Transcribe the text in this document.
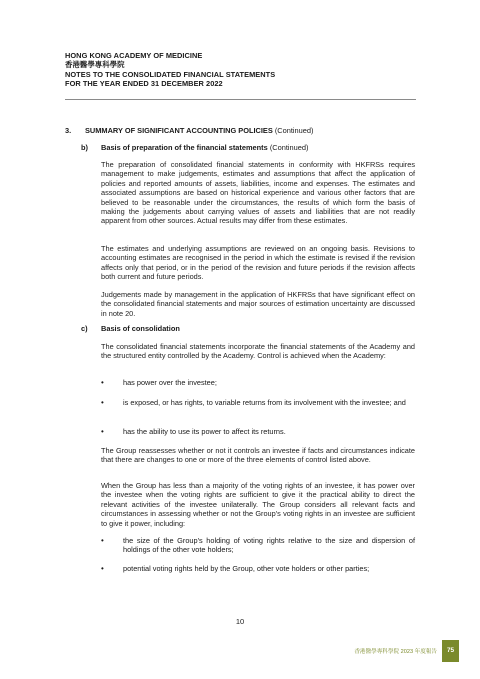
HONG KONG ACADEMY OF MEDICINE
香港醫學專科學院
NOTES TO THE CONSOLIDATED FINANCIAL STATEMENTS
FOR THE YEAR ENDED 31 DECEMBER 2022
3. SUMMARY OF SIGNIFICANT ACCOUNTING POLICIES (Continued)
b) Basis of preparation of the financial statements (Continued)

The preparation of consolidated financial statements in conformity with HKFRSs requires management to make judgements, estimates and assumptions that affect the application of policies and reported amounts of assets, liabilities, income and expenses. The estimates and associated assumptions are based on historical experience and various other factors that are believed to be reasonable under the circumstances, the results of which form the basis of making the judgements about carrying values of assets and liabilities that are not readily apparent from other sources. Actual results may differ from these estimates.

The estimates and underlying assumptions are reviewed on an ongoing basis. Revisions to accounting estimates are recognised in the period in which the estimate is revised if the revision affects only that period, or in the period of the revision and future periods if the revision affects both current and future periods.

Judgements made by management in the application of HKFRSs that have significant effect on the consolidated financial statements and major sources of estimation uncertainty are discussed in note 20.

c) Basis of consolidation

The consolidated financial statements incorporate the financial statements of the Academy and the structured entity controlled by the Academy. Control is achieved when the Academy:

•	has power over the investee;
•	is exposed, or has rights, to variable returns from its involvement with the investee; and
•	has the ability to use its power to affect its returns.

The Group reassesses whether or not it controls an investee if facts and circumstances indicate that there are changes to one or more of the three elements of control listed above.

When the Group has less than a majority of the voting rights of an investee, it has power over the investee when the voting rights are sufficient to give it the practical ability to direct the relevant activities of the investee unilaterally. The Group considers all relevant facts and circumstances in assessing whether or not the Group's voting rights in an investee are sufficient to give it power, including:

•	the size of the Group's holding of voting rights relative to the size and dispersion of holdings of the other vote holders;
•	potential voting rights held by the Group, other vote holders or other parties;
10
香港醫學專科學院 2023 年度報告	75
